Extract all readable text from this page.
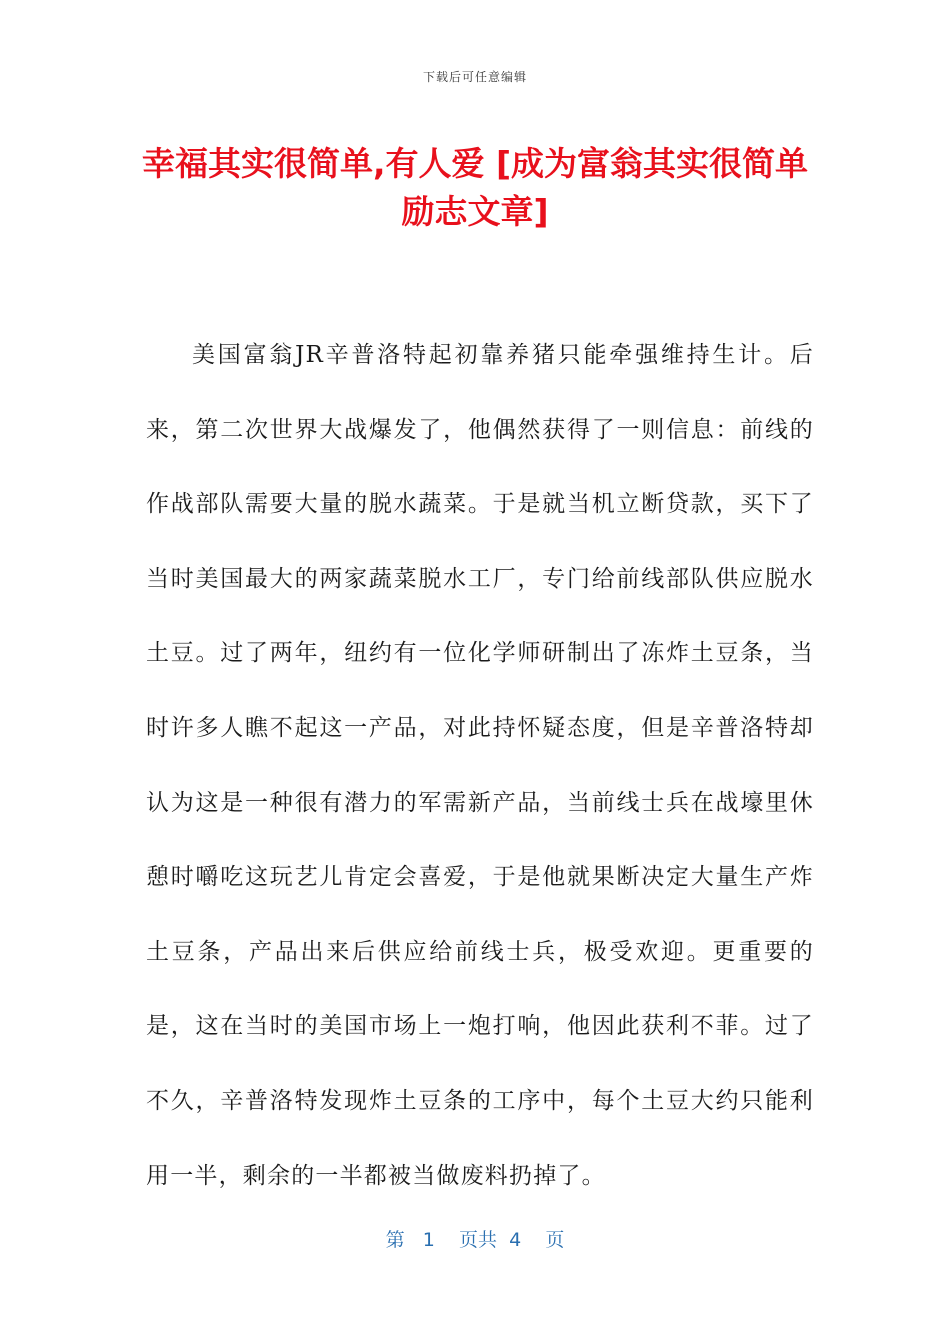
下载后可任意编辑
幸福其实很简单,有人爱 [成为富翁其实很简单励志文章]

美国富翁JR辛普洛特起初靠养猪只能牵强维持生计。后来，第二次世界大战爆发了，他偶然获得了一则信息：前线的作战部队需要大量的脱水蔬菜。于是就当机立断贷款，买下了当时美国最大的两家蔬菜脱水工厂，专门给前线部队供应脱水土豆。过了两年，纽约有一位化学师研制出了冻炸土豆条，当时许多人瞧不起这一产品，对此持怀疑态度，但是辛普洛特却认为这是一种很有潜力的军需新产品，当前线士兵在战壕里休憩时嚼吃这玩艺儿肯定会喜爱，于是他就果断决定大量生产炸土豆条，产品出来后供应给前线士兵，极受欢迎。更重要的是，这在当时的美国市场上一炮打响，他因此获利不菲。过了不久，辛普洛特发现炸土豆条的工序中，每个土豆大约只能利用一半，剩余的一半都被当做废料扔掉了。

第 1 页共 4 页
